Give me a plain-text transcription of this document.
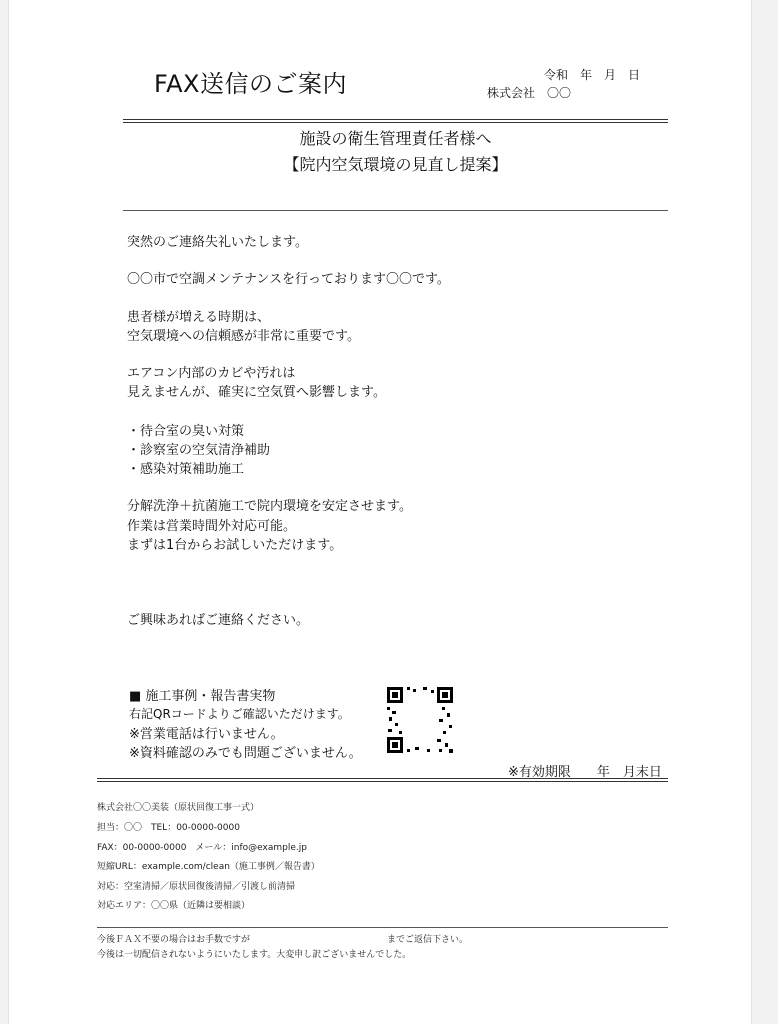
FAX送信のご案内	令和　年　月　日
株式会社　〇〇
施設の衛生管理責任者様へ
【院内空気環境の見直し提案】
突然のご連絡失礼いたします。
〇〇市で空調メンテナンスを行っております〇〇です。
患者様が増える時期は、
空気環境への信頼感が非常に重要です。
エアコン内部のカビや汚れは
見えませんが、確実に空気質へ影響します。
・待合室の臭い対策
・診察室の空気清浄補助
・感染対策補助施工
分解洗浄＋抗菌施工で院内環境を安定させます。
作業は営業時間外対応可能。
まずは1台からお試しいただけます。
ご興味あればご連絡ください。
■ 施工事例・報告書実物
右記QRコードよりご確認いただけます。
※営業電話は行いません。
※資料確認のみでも問題ございません。
※有効期限　　年　月末日
株式会社〇〇美装（原状回復工事一式）
担当：〇〇　TEL：00-0000-0000
FAX：00-0000-0000　メール：info@example.jp
短縮URL：example.com/clean（施工事例／報告書）
対応：空室清掃／原状回復後清掃／引渡し前清掃
対応エリア：〇〇県（近隣は要相談）
今後ＦＡＸ不要の場合はお手数ですが	までご返信下さい。
今後は一切配信されないようにいたします。大変申し訳ございませんでした。
